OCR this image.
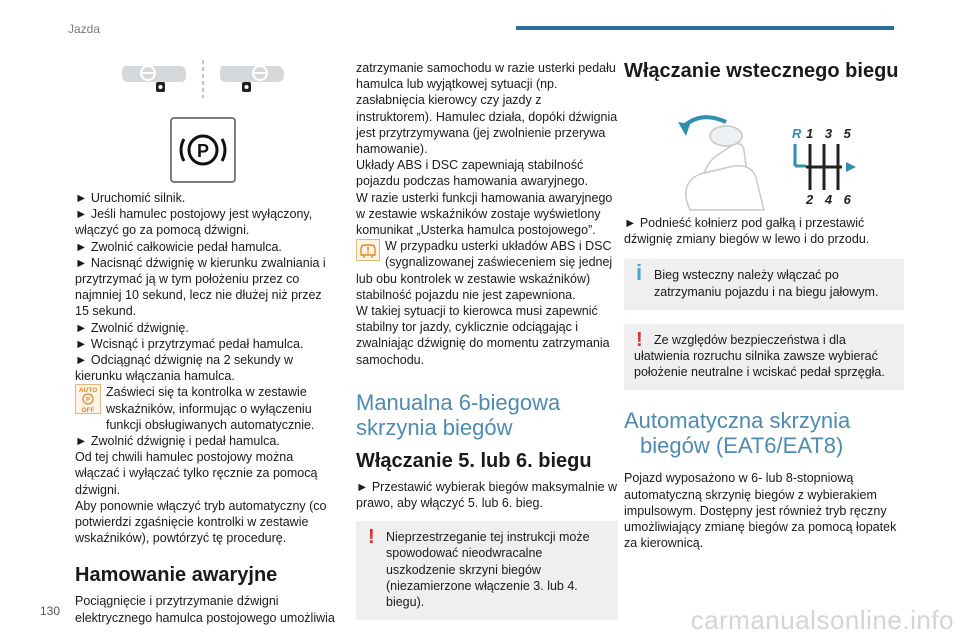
Jazda
P

► Uruchomić silnik.

► Jeśli hamulec postojowy jest wyłączony, włączyć go za pomocą dźwigni.

► Zwolnić całkowicie pedał hamulca.

► Nacisnąć dźwignię w kierunku zwalniania i przytrzymać ją w tym położeniu przez co najmniej 10 sekund, lecz nie dłużej niż przez 15 sekund.

► Zwolnić dźwignię.

► Wcisnąć i przytrzymać pedał hamulca.

► Odciągnąć dźwignię na 2 sekundy w kierunku włączania hamulca.

AUTO
P
OFF
Zaświeci się ta kontrolka w zestawie wskaźników, informując o wyłączeniu funkcji obsługiwanych automatycznie.

► Zwolnić dźwignię i pedał hamulca.

Od tej chwili hamulec postojowy można włączać i wyłączać tylko ręcznie za pomocą dźwigni.

Aby ponownie włączyć tryb automatyczny (co potwierdzi zgaśnięcie kontrolki w zestawie wskaźników), powtórzyć tę procedurę.

Hamowanie awaryjne

Pociągnięcie i przytrzymanie dźwigni elektrycznego hamulca postojowego umożliwia

zatrzymanie samochodu w razie usterki pedału hamulca lub wyjątkowej sytuacji (np. zasłabnięcia kierowcy czy jazdy z instruktorem). Hamulec działa, dopóki dźwignia jest przytrzymywana (jej zwolnienie przerywa hamowanie).

Układy ABS i DSC zapewniają stabilność pojazdu podczas hamowania awaryjnego.

W razie usterki funkcji hamowania awaryjnego w zestawie wskaźników zostaje wyświetlony komunikat „Usterka hamulca postojowego”.

W przypadku usterki układów ABS i DSC (sygnalizowanej zaświeceniem się jednej lub obu kontrolek w zestawie wskaźników) stabilność pojazdu nie jest zapewniona.

W takiej sytuacji to kierowca musi zapewnić stabilny tor jazdy, cyklicznie odciągając i zwalniając dźwignię do momentu zatrzymania samochodu.

Manualna 6-biegowa skrzynia biegów
Włączanie 5. lub 6. biegu

► Przestawić wybierak biegów maksymalnie w prawo, aby włączyć 5. lub 6. bieg.

! Nieprzestrzeganie tej instrukcji może spowodować nieodwracalne uszkodzenie skrzyni biegów (niezamierzone włączenie 3. lub 4. biegu).
R 1 3 5
2 4 6
Włączanie wstecznego biegu

► Podnieść kołnierz pod gałką i przestawić dźwignię zmiany biegów w lewo i do przodu.

i Bieg wsteczny należy włączać po zatrzymaniu pojazdu i na biegu jałowym.
! Ze względów bezpieczeństwa i dla ułatwienia rozruchu silnika zawsze wybierać położenie neutralne i wciskać pedał sprzęgła.
Automatyczna skrzynia
biegów (EAT6/EAT8)

Pojazd wyposażono w 6- lub 8-stopniową automatyczną skrzynię biegów z wybierakiem impulsowym. Dostępny jest również tryb ręczny umożliwiający zmianę biegów za pomocą łopatek za kierownicą.

130	carmanualsonline.info
